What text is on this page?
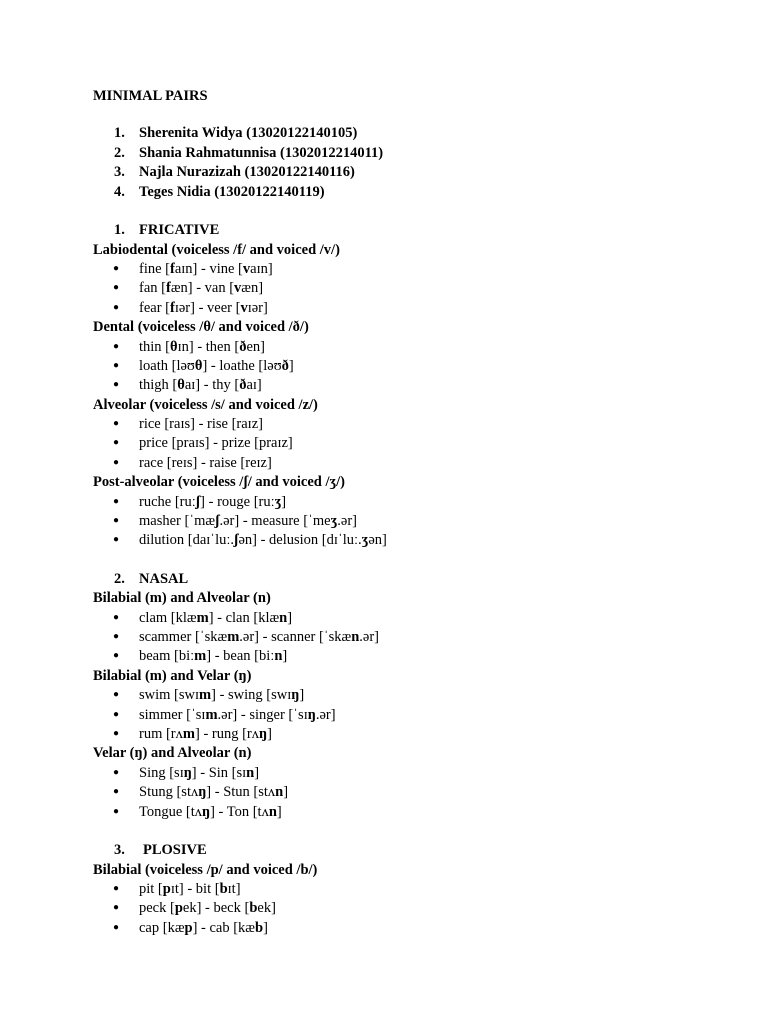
MINIMAL PAIRS
1. Sherenita Widya (13020122140105)
2. Shania Rahmatunnisa (1302012214011)
3. Najla Nurazizah (13020122140116)
4. Teges Nidia (13020122140119)
1. FRICATIVE
Labiodental (voiceless /f/ and voiced /v/)
● fine [faɪn] - vine [vaɪn]
● fan [fæn] - van [væn]
● fear [fɪər] - veer [vɪər]
Dental (voiceless /θ/ and voiced /ð/)
● thin [θɪn] - then [ðen]
● loath [ləʊθ] - loathe [ləʊð]
● thigh [θaɪ] - thy [ðaɪ]
Alveolar (voiceless /s/ and voiced /z/)
● rice [raɪs] - rise [raɪz]
● price [praɪs] - prize [praɪz]
● race [reɪs] - raise [reɪz]
Post-alveolar (voiceless /ʃ/ and voiced /ʒ/)
● ruche [ruːʃ] - rouge [ruːʒ]
● masher [ˈmæʃ.ər] - measure [ˈmeʒ.ər]
● dilution [daɪˈluː.ʃən] - delusion [dɪˈluː.ʒən]
2. NASAL
Bilabial (m) and Alveolar (n)
● clam [klæm] - clan [klæn]
● scammer [ˈskæm.ər] - scanner [ˈskæn.ər]
● beam [biːm] - bean [biːn]
Bilabial (m) and Velar (ŋ)
● swim [swɪm] - swing [swɪŋ]
● simmer [ˈsɪm.ər] - singer [ˈsɪŋ.ər]
● rum [rʌm] - rung [rʌŋ]
Velar (ŋ) and Alveolar (n)
● Sing [sɪŋ] - Sin [sɪn]
● Stung [stʌŋ] - Stun [stʌn]
● Tongue [tʌŋ] - Ton [tʌn]
3. PLOSIVE
Bilabial (voiceless /p/ and voiced /b/)
● pit [pɪt] - bit [bɪt]
● peck [pek] - beck [bek]
● cap [kæp] - cab [kæb]
